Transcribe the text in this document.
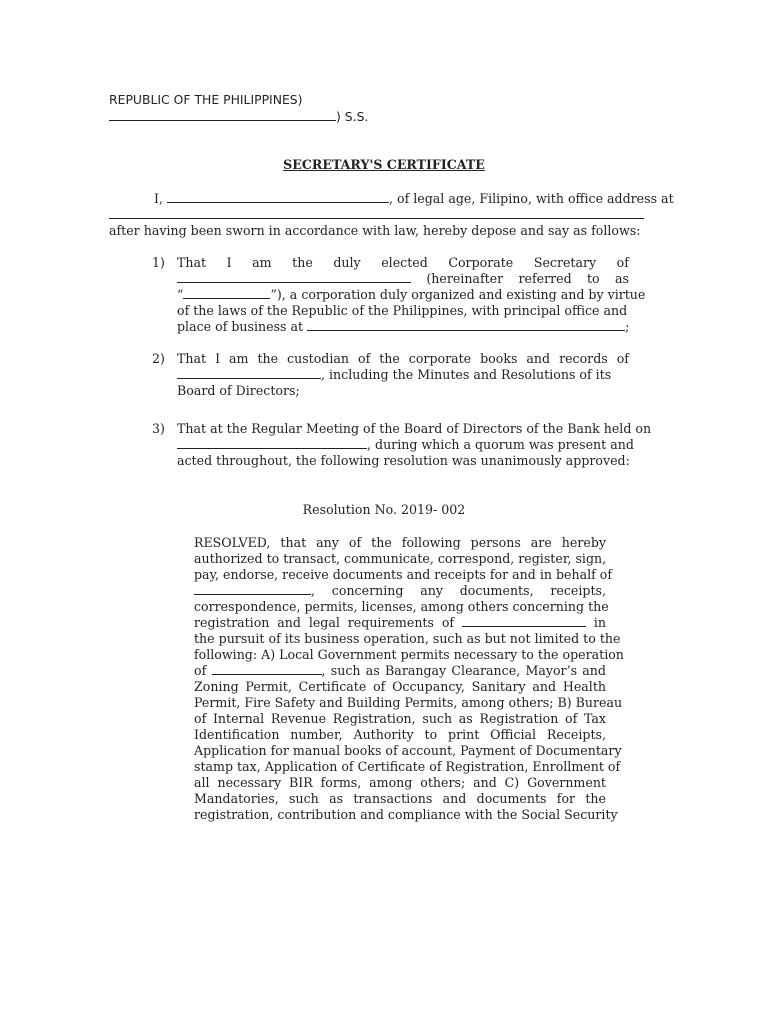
REPUBLIC OF THE PHILIPPINES)
) S.S.
SECRETARY'S CERTIFICATE
I,	, of legal age, Filipino, with office address at
after having been sworn in accordance with law, hereby depose and say as follows:
1) That I am the duly elected Corporate Secretary of
(hereinafter referred to as
“	”), a corporation duly organized and existing and by virtue
of the laws of the Republic of the Philippines, with principal office and
place of business at	;
2) That I am the custodian of the corporate books and records of
, including the Minutes and Resolutions of its
Board of Directors;
3) That at the Regular Meeting of the Board of Directors of the Bank held on
, during which a quorum was present and
acted throughout, the following resolution was unanimously approved:
Resolution No. 2019- 002
RESOLVED, that any of the following persons are hereby
authorized to transact, communicate, correspond, register, sign,
pay, endorse, receive documents and receipts for and in behalf of
, concerning any documents, receipts,
correspondence, permits, licenses, among others concerning the
registration and legal requirements of	in
the pursuit of its business operation, such as but not limited to the
following: A) Local Government permits necessary to the operation
of	, such as Barangay Clearance, Mayor’s and
Zoning Permit, Certificate of Occupancy, Sanitary and Health
Permit, Fire Safety and Building Permits, among others; B) Bureau
of Internal Revenue Registration, such as Registration of Tax
Identification number, Authority to print Official Receipts,
Application for manual books of account, Payment of Documentary
stamp tax, Application of Certificate of Registration, Enrollment of
all necessary BIR forms, among others; and C) Government
Mandatories, such as transactions and documents for the
registration, contribution and compliance with the Social Security
